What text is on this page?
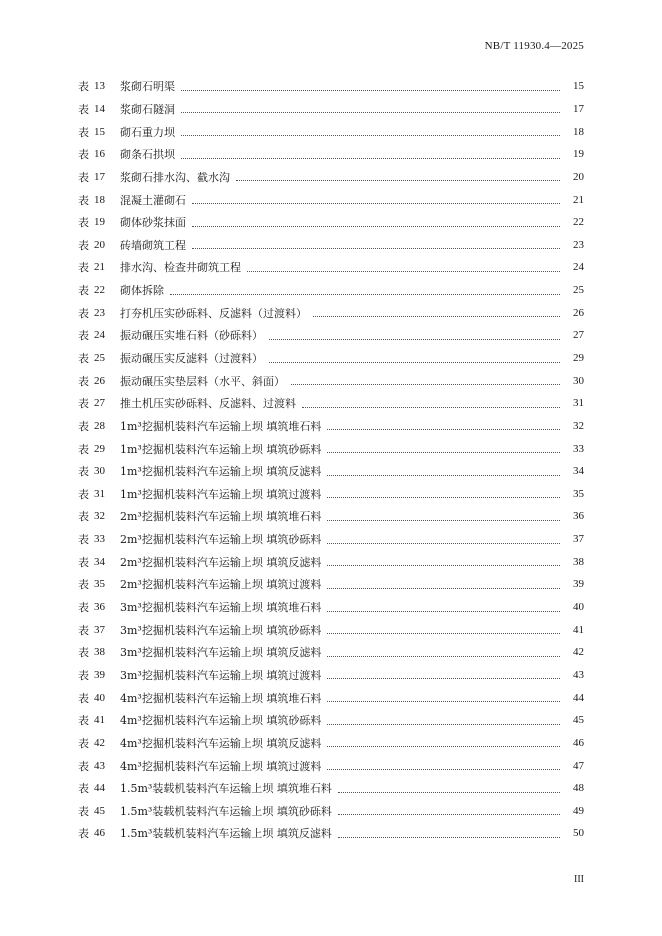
NB/T 11930.4—2025
表 13	浆砌石明渠	15
表 14	浆砌石隧洞	17
表 15	砌石重力坝	18
表 16	砌条石拱坝	19
表 17	浆砌石排水沟、截水沟	20
表 18	混凝土灌砌石	21
表 19	砌体砂浆抹面	22
表 20	砖墙砌筑工程	23
表 21	排水沟、检查井砌筑工程	24
表 22	砌体拆除	25
表 23	打夯机压实砂砾料、反滤料（过渡料）	26
表 24	振动碾压实堆石料（砂砾料）	27
表 25	振动碾压实反滤料（过渡料）	29
表 26	振动碾压实垫层料（水平、斜面）	30
表 27	推土机压实砂砾料、反滤料、过渡料	31
表 28	1m³挖掘机装料汽车运输上坝 填筑堆石料	32
表 29	1m³挖掘机装料汽车运输上坝 填筑砂砾料	33
表 30	1m³挖掘机装料汽车运输上坝 填筑反滤料	34
表 31	1m³挖掘机装料汽车运输上坝 填筑过渡料	35
表 32	2m³挖掘机装料汽车运输上坝 填筑堆石料	36
表 33	2m³挖掘机装料汽车运输上坝 填筑砂砾料	37
表 34	2m³挖掘机装料汽车运输上坝 填筑反滤料	38
表 35	2m³挖掘机装料汽车运输上坝 填筑过渡料	39
表 36	3m³挖掘机装料汽车运输上坝 填筑堆石料	40
表 37	3m³挖掘机装料汽车运输上坝 填筑砂砾料	41
表 38	3m³挖掘机装料汽车运输上坝 填筑反滤料	42
表 39	3m³挖掘机装料汽车运输上坝 填筑过渡料	43
表 40	4m³挖掘机装料汽车运输上坝 填筑堆石料	44
表 41	4m³挖掘机装料汽车运输上坝 填筑砂砾料	45
表 42	4m³挖掘机装料汽车运输上坝 填筑反滤料	46
表 43	4m³挖掘机装料汽车运输上坝 填筑过渡料	47
表 44	1.5m³装载机装料汽车运输上坝 填筑堆石料	48
表 45	1.5m³装载机装料汽车运输上坝 填筑砂砾料	49
表 46	1.5m³装载机装料汽车运输上坝 填筑反滤料	50
III
